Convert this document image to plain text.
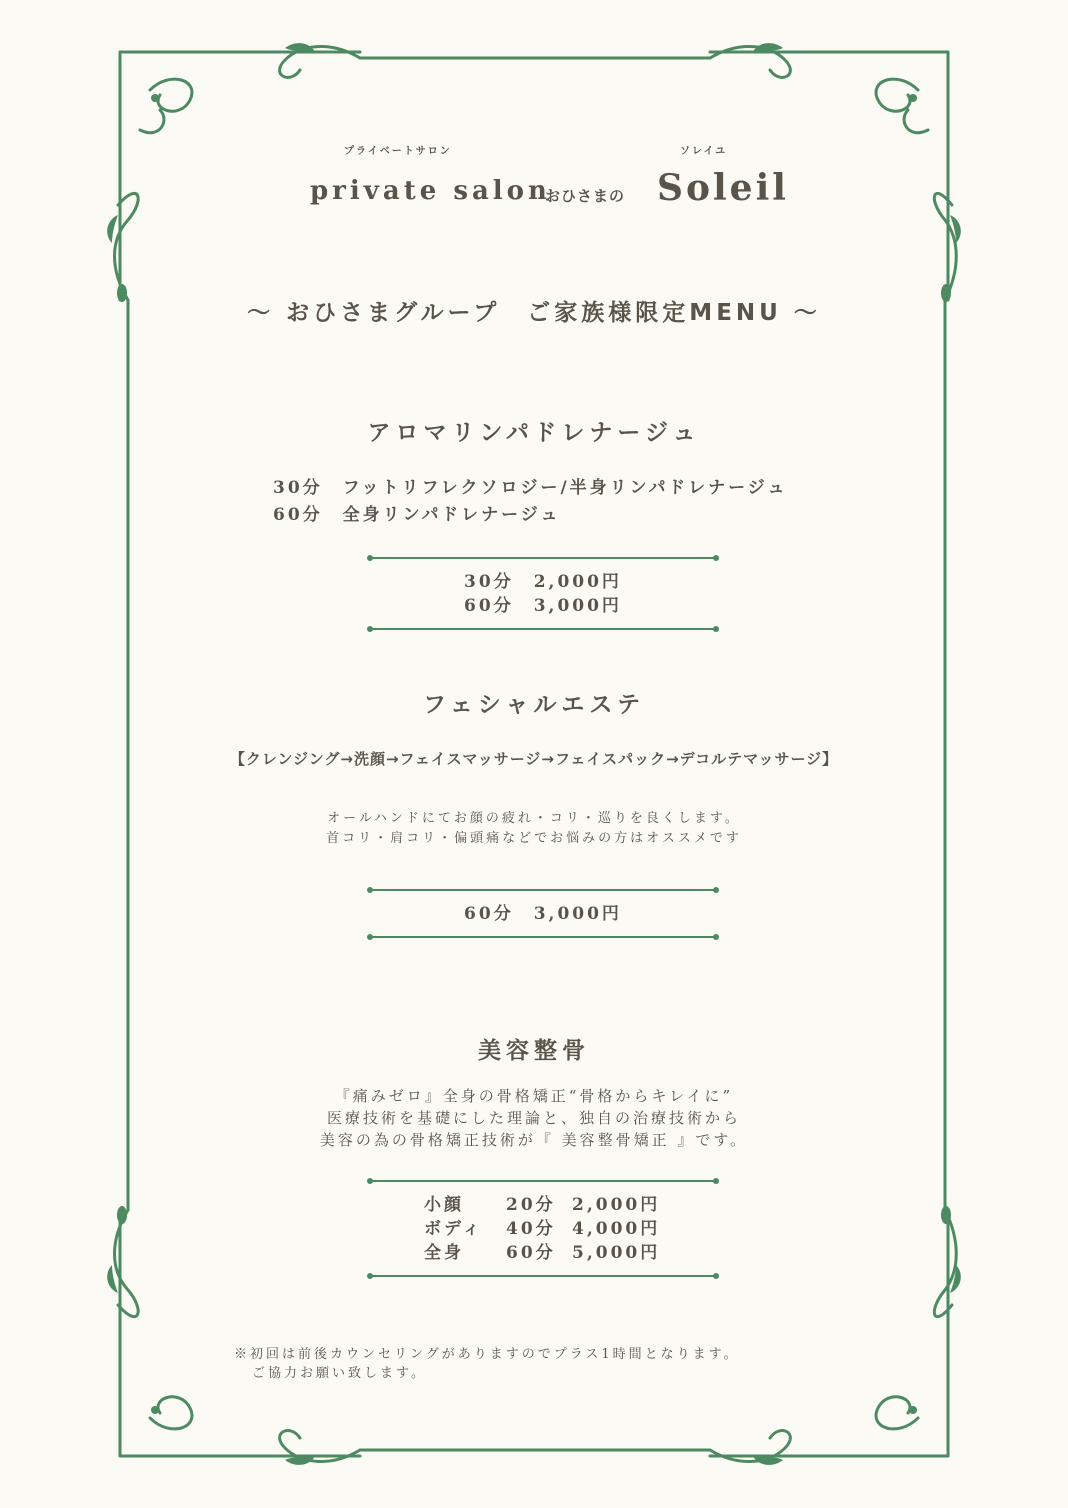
プライベートサロン
private salon
おひさまの
ソレイユ
Soleil
〜 おひさまグループ　ご家族様限定MENU 〜
アロマリンパドレナージュ
30分　フットリフレクソロジー/半身リンパドレナージュ
60分　全身リンパドレナージュ
30分　2,000円
60分　3,000円
フェシャルエステ
【クレンジング→洗顔→フェイスマッサージ→フェイスパック→デコルテマッサージ】
オールハンドにてお顔の疲れ・コリ・巡りを良くします。
首コリ・肩コリ・偏頭痛などでお悩みの方はオススメです
60分　3,000円
美容整骨
『痛みゼロ』全身の骨格矯正“骨格からキレイに”
医療技術を基礎にした理論と、独自の治療技術から
美容の為の骨格矯正技術が『 美容整骨矯正 』です。
小顔 20分 2,000円
ボディ 40分 4,000円
全身 60分 5,000円
※初回は前後カウンセリングがありますのでプラス1時間となります。
ご協力お願い致します。
